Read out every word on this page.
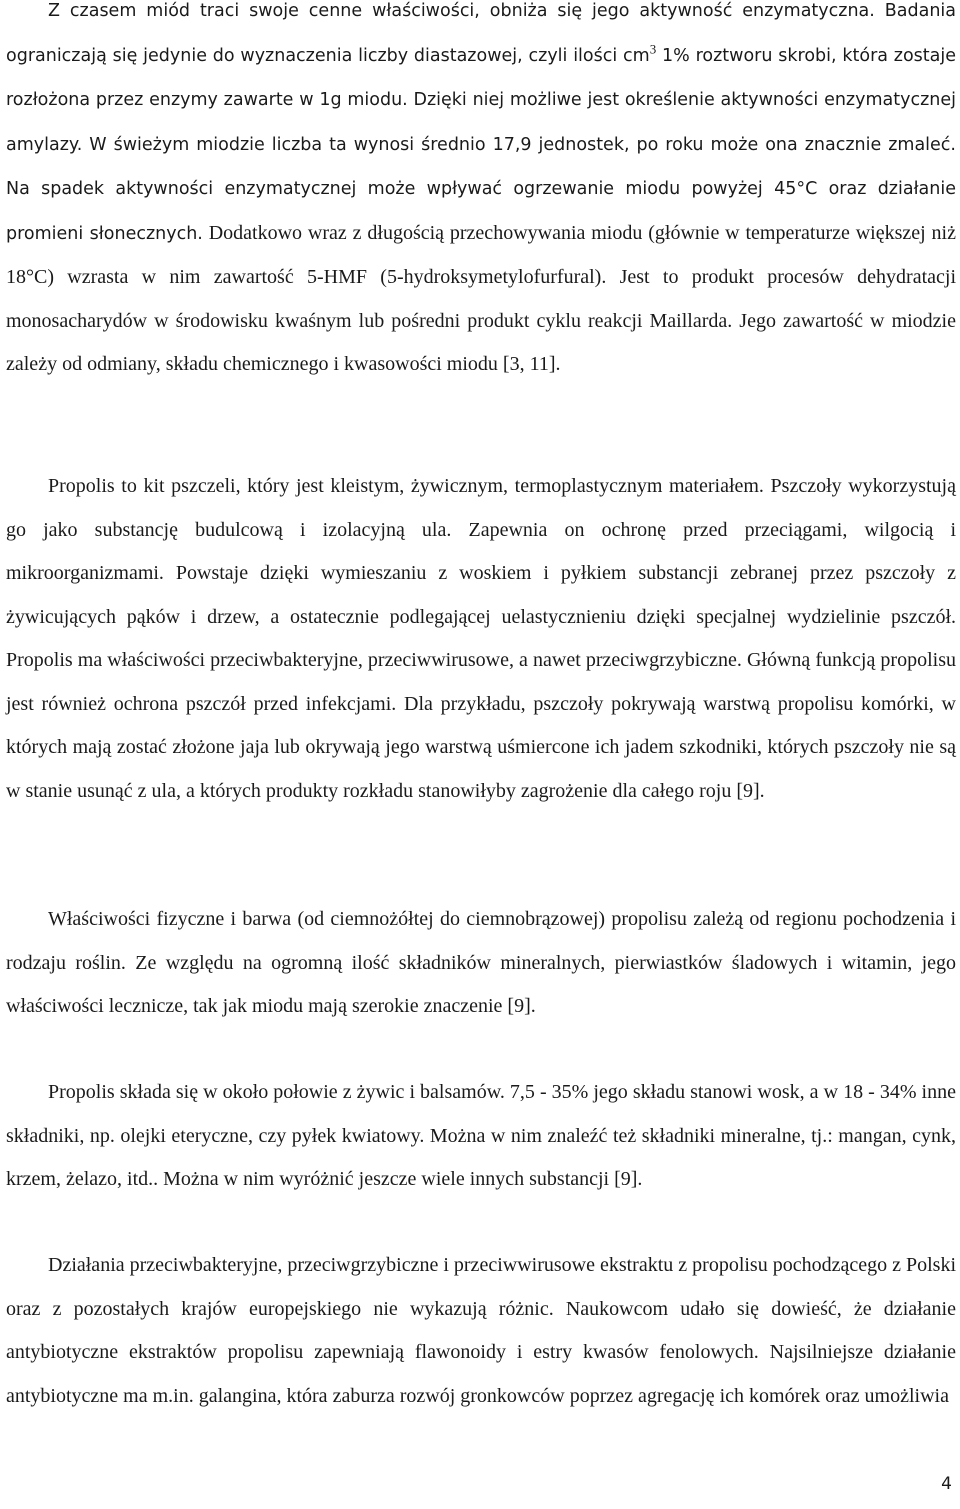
Z czasem miód traci swoje cenne właściwości, obniża się jego aktywność enzymatyczna. Badania ograniczają się jedynie do wyznaczenia liczby diastazowej, czyli ilości $cm^3$ 1% roztworu skrobi, która zostaje rozłożona przez enzymy zawarte w 1g miodu. Dzięki niej możliwe jest określenie aktywności enzymatycznej amylazy. W świeżym miodzie liczba ta wynosi średnio 17,9 jednostek, po roku może ona znacznie zmaleć. Na spadek aktywności enzymatycznej może wpływać ogrzewanie miodu powyżej 45°C oraz działanie promieni słonecznych. Dodatkowo wraz z długością przechowywania miodu (głównie w temperaturze większej niż 18°C) wzrasta w nim zawartość 5-HMF (5-hydroksymetylofurfural). Jest to produkt procesów dehydratacji monosacharydów w środowisku kwaśnym lub pośredni produkt cyklu reakcji Maillarda. Jego zawartość w miodzie zależy od odmiany, składu chemicznego i kwasowości miodu [3, 11].

Propolis to kit pszczeli, który jest kleistym, żywicznym, termoplastycznym materiałem. Pszczoły wykorzystują go jako substancję budulcową i izolacyjną ula. Zapewnia on ochronę przed przeciągami, wilgocią i mikroorganizmami. Powstaje dzięki wymieszaniu z woskiem i pyłkiem substancji zebranej przez pszczoły z żywicujących pąków i drzew, a ostatecznie podlegającej uelastycznieniu dzięki specjalnej wydzielinie pszczół. Propolis ma właściwości przeciwbakteryjne, przeciwwirusowe, a nawet przeciwgrzybiczne. Główną funkcją propolisu jest również ochrona pszczół przed infekcjami. Dla przykładu, pszczoły pokrywają warstwą propolisu komórki, w których mają zostać złożone jaja lub okrywają jego warstwą uśmiercone ich jadem szkodniki, których pszczoły nie są w stanie usunąć z ula, a których produkty rozkładu stanowiłyby zagrożenie dla całego roju [9].

Właściwości fizyczne i barwa (od ciemnożółtej do ciemnobrązowej) propolisu zależą od regionu pochodzenia i rodzaju roślin. Ze względu na ogromną ilość składników mineralnych, pierwiastków śladowych i witamin, jego właściwości lecznicze, tak jak miodu mają szerokie znaczenie [9].

Propolis składa się w około połowie z żywic i balsamów. 7,5 - 35% jego składu stanowi wosk, a w 18 - 34% inne składniki, np. olejki eteryczne, czy pyłek kwiatowy. Można w nim znaleźć też składniki mineralne, tj.: mangan, cynk, krzem, żelazo, itd.. Można w nim wyróżnić jeszcze wiele innych substancji [9].

Działania przeciwbakteryjne, przeciwgrzybiczne i przeciwwirusowe ekstraktu z propolisu pochodzącego z Polski oraz z pozostałych krajów europejskiego nie wykazują różnic. Naukowcom udało się dowieść, że działanie antybiotyczne ekstraktów propolisu zapewniają flawonoidy i estry kwasów fenolowych. Najsilniejsze działanie antybiotyczne ma m.in. galangina, która zaburza rozwój gronkowców poprzez agregację ich komórek oraz umożliwia

4
